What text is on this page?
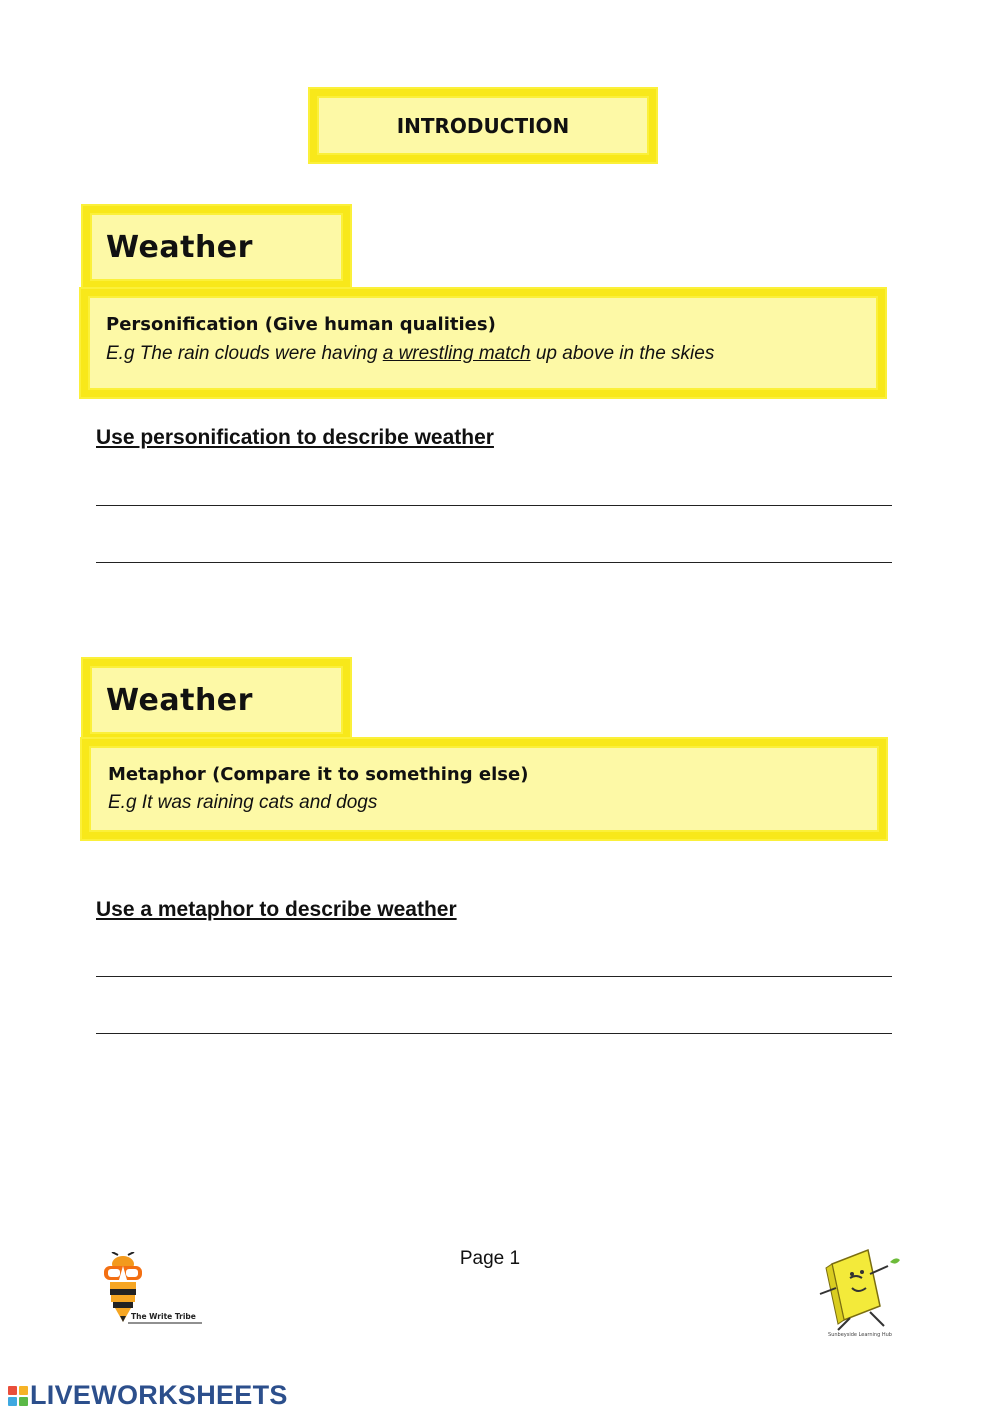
INTRODUCTION
Weather
Personification (Give human qualities)
E.g The rain clouds were having a wrestling match up above in the skies
Use personification to describe weather
Weather
Metaphor (Compare it to something else)
E.g It was raining cats and dogs
Use a metaphor to describe weather
Page 1
The Write Tribe
Sunbeyside Learning Hub
LIVEWORKSHEETS
